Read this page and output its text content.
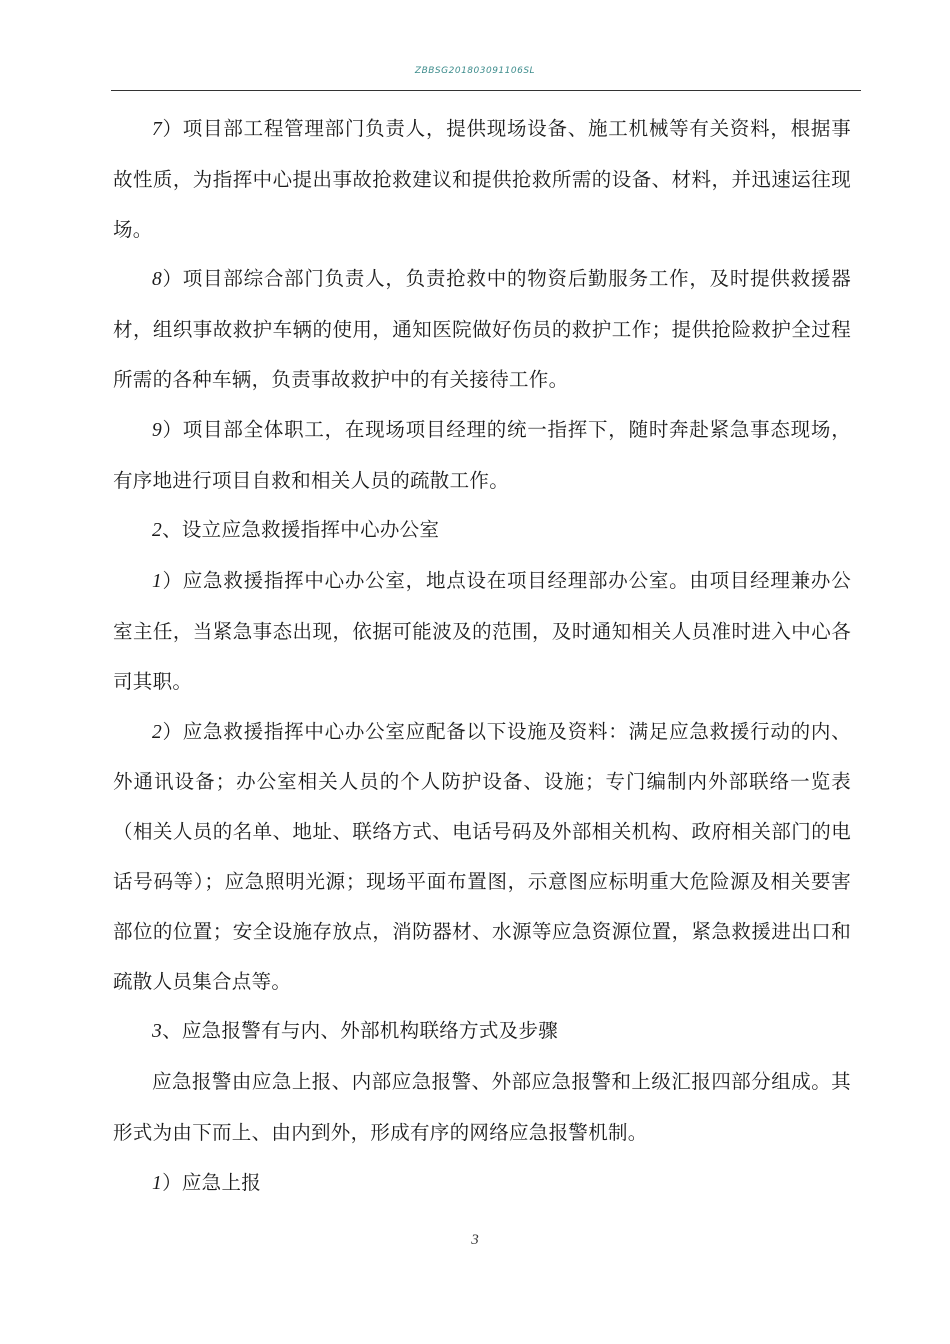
ZBBSG201803091106SL

7）项目部工程管理部门负责人，提供现场设备、施工机械等有关资料，根据事故性质，为指挥中心提出事故抢救建议和提供抢救所需的设备、材料，并迅速运往现场。

8）项目部综合部门负责人，负责抢救中的物资后勤服务工作，及时提供救援器材，组织事故救护车辆的使用，通知医院做好伤员的救护工作；提供抢险救护全过程所需的各种车辆，负责事故救护中的有关接待工作。

9）项目部全体职工，在现场项目经理的统一指挥下，随时奔赴紧急事态现场，有序地进行项目自救和相关人员的疏散工作。

2、设立应急救援指挥中心办公室

1）应急救援指挥中心办公室，地点设在项目经理部办公室。由项目经理兼办公室主任，当紧急事态出现，依据可能波及的范围，及时通知相关人员准时进入中心各司其职。

2）应急救援指挥中心办公室应配备以下设施及资料：满足应急救援行动的内、外通讯设备；办公室相关人员的个人防护设备、设施；专门编制内外部联络一览表（相关人员的名单、地址、联络方式、电话号码及外部相关机构、政府相关部门的电话号码等）；应急照明光源；现场平面布置图，示意图应标明重大危险源及相关要害部位的位置；安全设施存放点，消防器材、水源等应急资源位置，紧急救援进出口和疏散人员集合点等。

3、应急报警有与内、外部机构联络方式及步骤

应急报警由应急上报、内部应急报警、外部应急报警和上级汇报四部分组成。其形式为由下而上、由内到外，形成有序的网络应急报警机制。

1）应急上报

3
